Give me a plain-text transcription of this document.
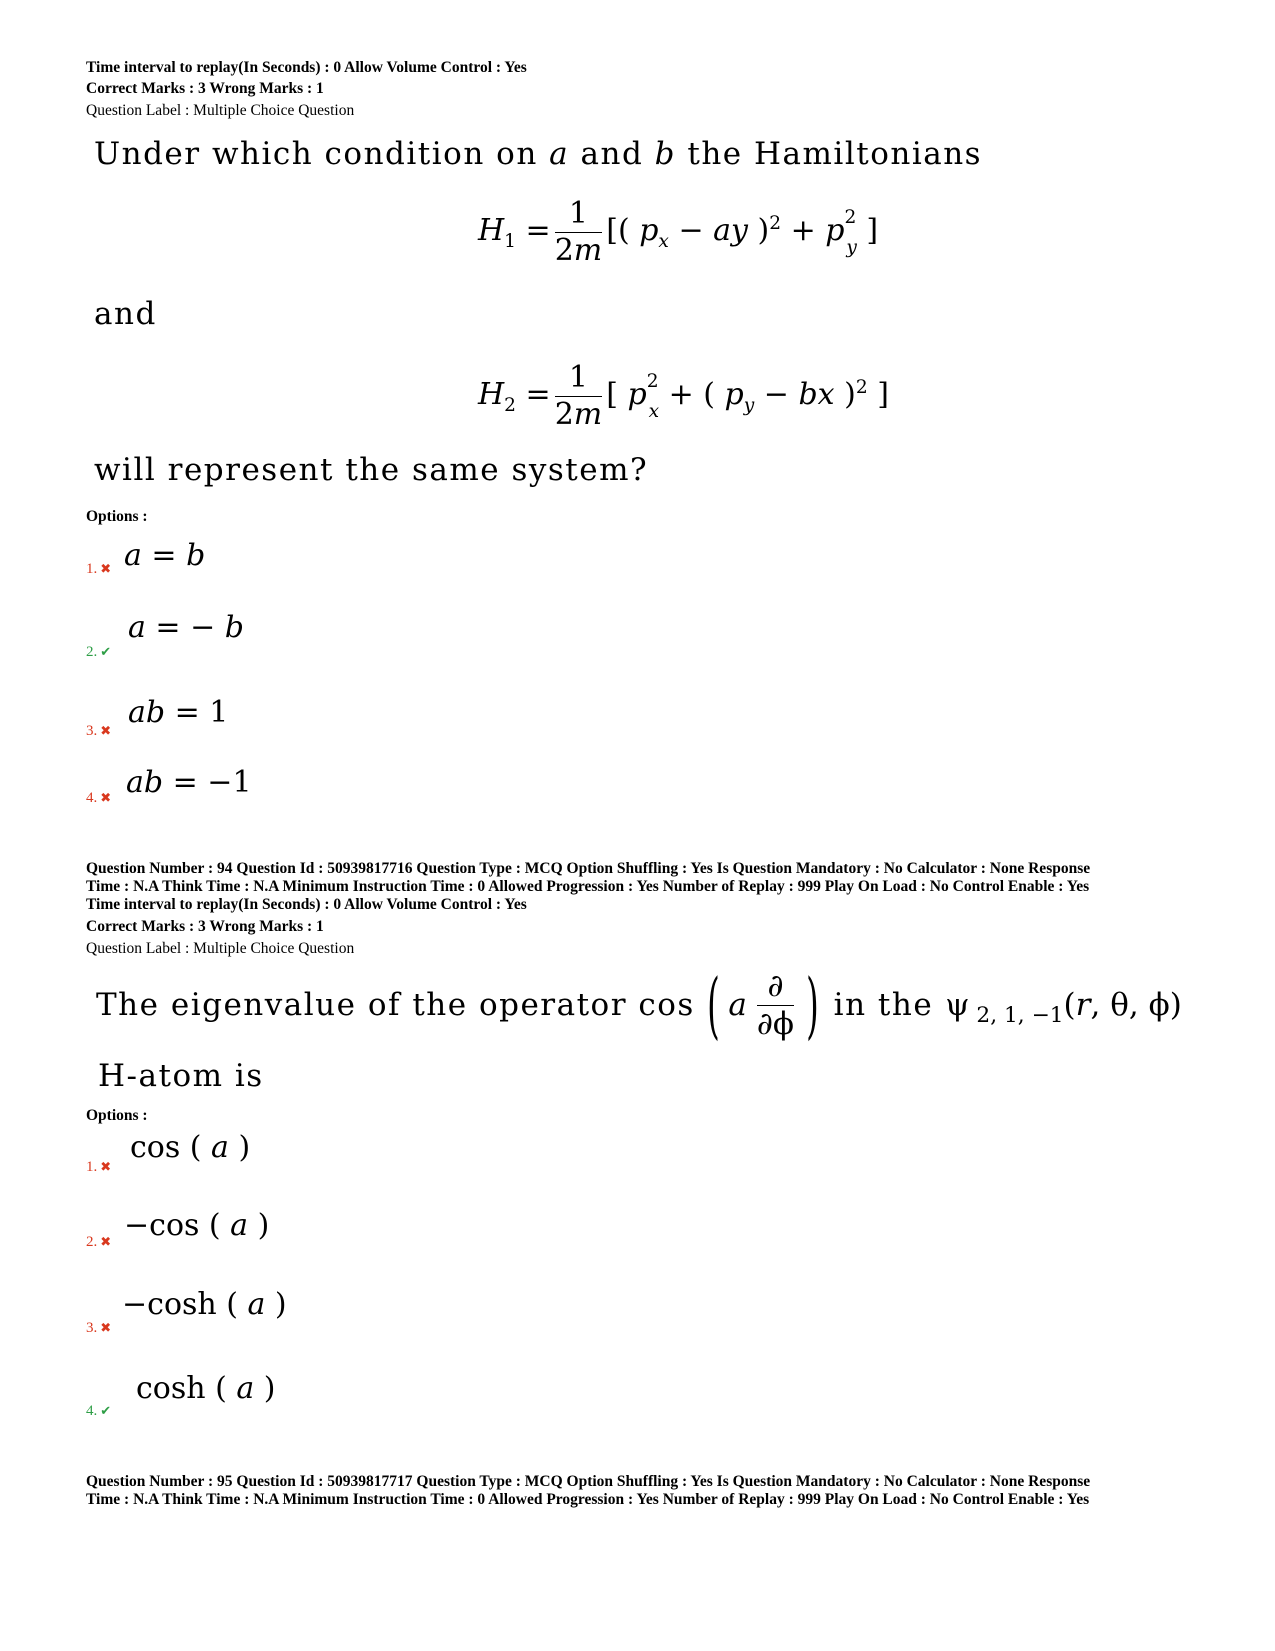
Time interval to replay(In Seconds) : 0 Allow Volume Control : Yes
Correct Marks : 3 Wrong Marks : 1
Question Label : Multiple Choice Question
Under which condition on a and b the Hamiltonians
$H_1 = \frac{1}{2m}$ [( $p_x$ − ay )$^2 + p^2_y$ ]
and
$H_2 = \frac{1}{2m}$ [ $p^2_x$ + ( $p_y$ − bx )$^2$ ]
will represent the same system?
Options :
a = b
1. ✖
a = − b
2. ✔
ab = 1
3. ✖
ab = −1
4. ✖
Question Number : 94 Question Id : 50939817716 Question Type : MCQ Option Shuffling : Yes Is Question Mandatory : No Calculator : None Response
Time : N.A Think Time : N.A Minimum Instruction Time : 0 Allowed Progression : Yes Number of Replay : 999 Play On Load : No Control Enable : Yes
Time interval to replay(In Seconds) : 0 Allow Volume Control : Yes
Correct Marks : 3 Wrong Marks : 1
Question Label : Multiple Choice Question
The eigenvalue of the operator cos ( a $\frac{\partial}{\partial\phi}$ ) in the ψ $_{2, 1, -1}$(r, θ, ϕ)
H-atom is
Options :
cos ( a )
1. ✖
−cos ( a )
2. ✖
−cosh ( a )
3. ✖
cosh ( a )
4. ✔
Question Number : 95 Question Id : 50939817717 Question Type : MCQ Option Shuffling : Yes Is Question Mandatory : No Calculator : None Response
Time : N.A Think Time : N.A Minimum Instruction Time : 0 Allowed Progression : Yes Number of Replay : 999 Play On Load : No Control Enable : Yes
